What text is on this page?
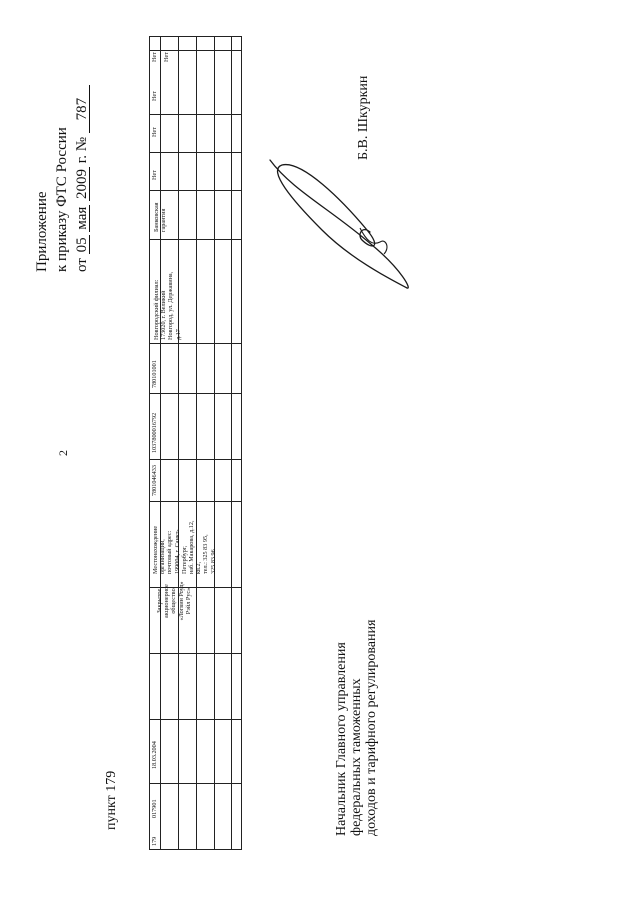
Приложение к приказу ФТС России от 05 мая 2009 г. № 787
2
пункт 179
179
017901
18.03.2004
Закрытое акционерное общество «Логвин Роуд» Рэйл Рус»
Местонахождение организации, почтовый адрес: 199004, г. Санкт- Петербург, наб. Макарова, д.12, кв.2, тел.: 325 83 95, 325 83 96
7801046433
1037800016792
780101001
Новгородский филиал: 173020, г. Великий Новгород, ул. Державина, д.17
Банковская гарантия
Нет
Нет
Нет
Нет Нет
Б.В. Шкуркин
Начальник Главного управления федеральных таможенных доходов и тарифного регулирования
